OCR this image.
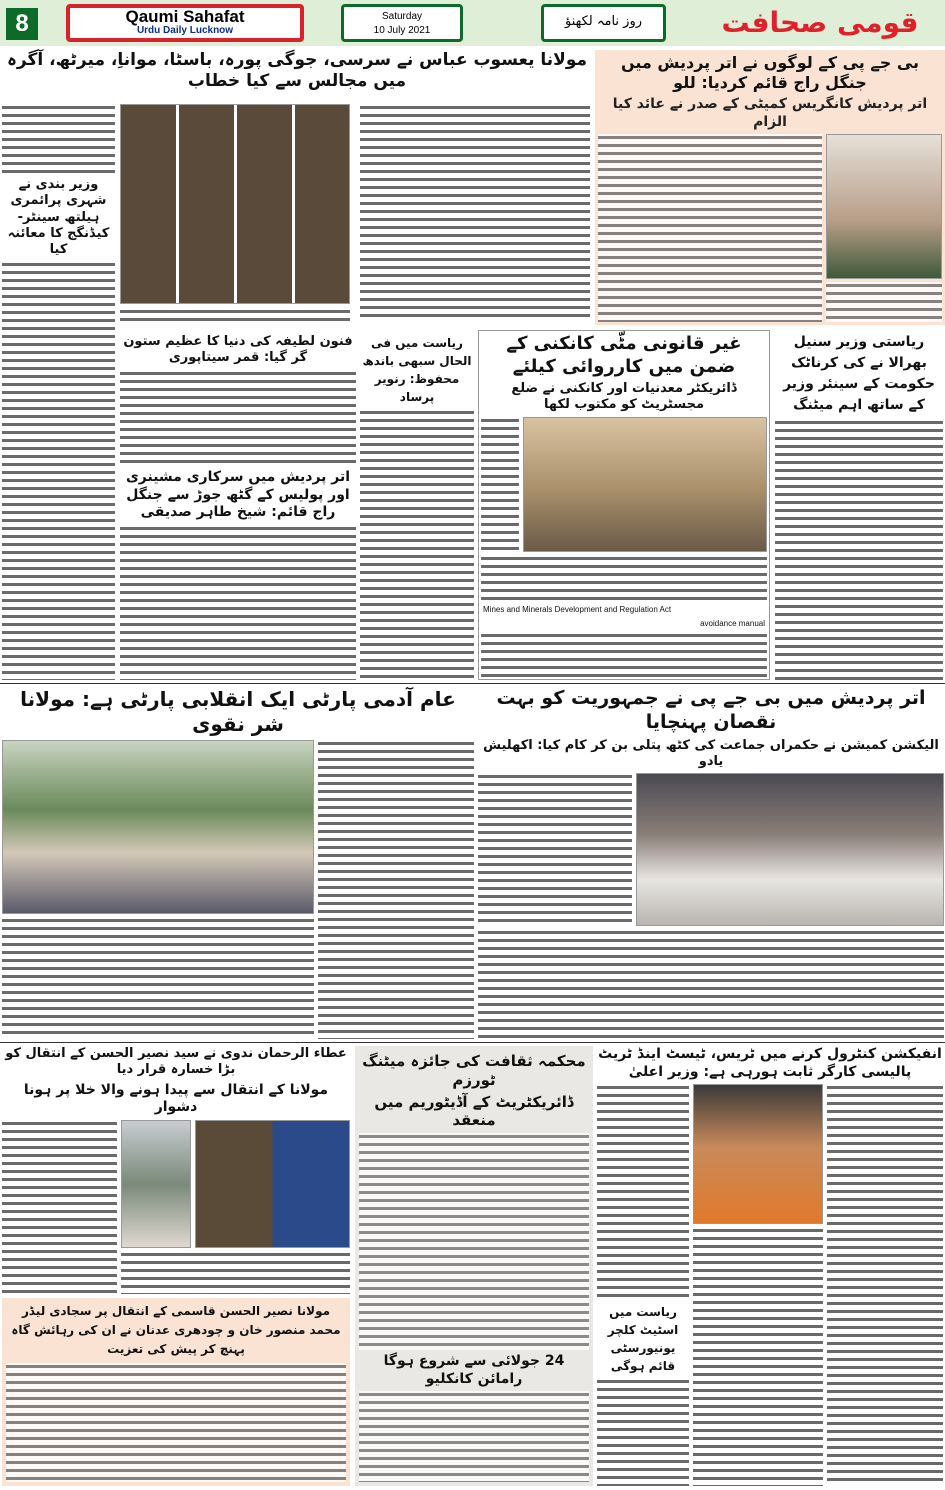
8	Qaumi Sahafat
Urdu Daily Lucknow
Saturday
10 July 2021
روز نامہ لکھنؤ	قومی صحافت
بی جے پی کے لوگوں نے اتر پردیش میں جنگل راج قائم کردیا: للو
اتر پردیش کانگریس کمیٹی کے صدر نے عائد کیا الزام
مولانا یعسوب عباس نے سرسی، جوگی پورہ، باسٹا، مواناِ، میرٹھ، آگرہ میں مجالس سے کیا خطاب
وزیر بندی نے شہری پرائمری ہیلتھ سینٹر-کیڈنگج کا معائنہ کیا
ریاستی وزیر سنیل بھرالا نے کی کرناٹک حکومت کے سینئر وزیر کے ساتھ اہم میٹنگ
غیر قانونی مٹّی کانکنی کے ضمن میں کارروائی کیلئے
ڈائریکٹر معدنیات اور کانکنی نے ضلع مجسٹریٹ کو مکتوب لکھا
Mines and Minerals Development and Regulation Act
avoidance manual
ریاست میں فی الحال سبھی باندھ محفوظ: رنویر پرساد
فنون لطیفہ کی دنیا کا عظیم ستون گر گیا: قمر سیتاپوری
اتر پردیش میں سرکاری مشینری اور پولیس کے گٹھ جوڑ سے جنگل راج قائم: شیخ طاہر صدیقی
اتر پردیش میں بی جے پی نے جمہوریت کو بہت نقصان پہنچایا
الیکشن کمیشن نے حکمراں جماعت کی کٹھ پتلی بن کر کام کیا: اکھلیش یادو
عام آدمی پارٹی ایک انقلابی پارٹی ہے: مولانا شر نقوی
انفیکشن کنٹرول کرنے میں ٹریس، ٹیسٹ اینڈ ٹریٹ پالیسی کارگر ثابت ہورہی ہے: وزیر اعلیٰ
ریاست میں اسٹیٹ کلچر یونیورسٹی قائم ہوگی
محکمہ ثقافت کی جائزہ میٹنگ ٹورزم
ڈائریکٹریٹ کے آڈیٹوریم میں منعقد
24 جولائی سے شروع ہوگا رامائن کانکلیو
عطاء الرحمان ندوی نے سید نصیر الحسن کے انتقال کو بڑا خسارہ قرار دیا
مولانا کے انتقال سے پیدا ہونے والا خلا پر ہونا دشوار
مولانا نصیر الحسن قاسمی کے انتقال پر سجادی لیڈر محمد منصور خان و چودھری عدنان نے ان کی رہائش گاہ پہنچ کر پیش کی تعزیت
